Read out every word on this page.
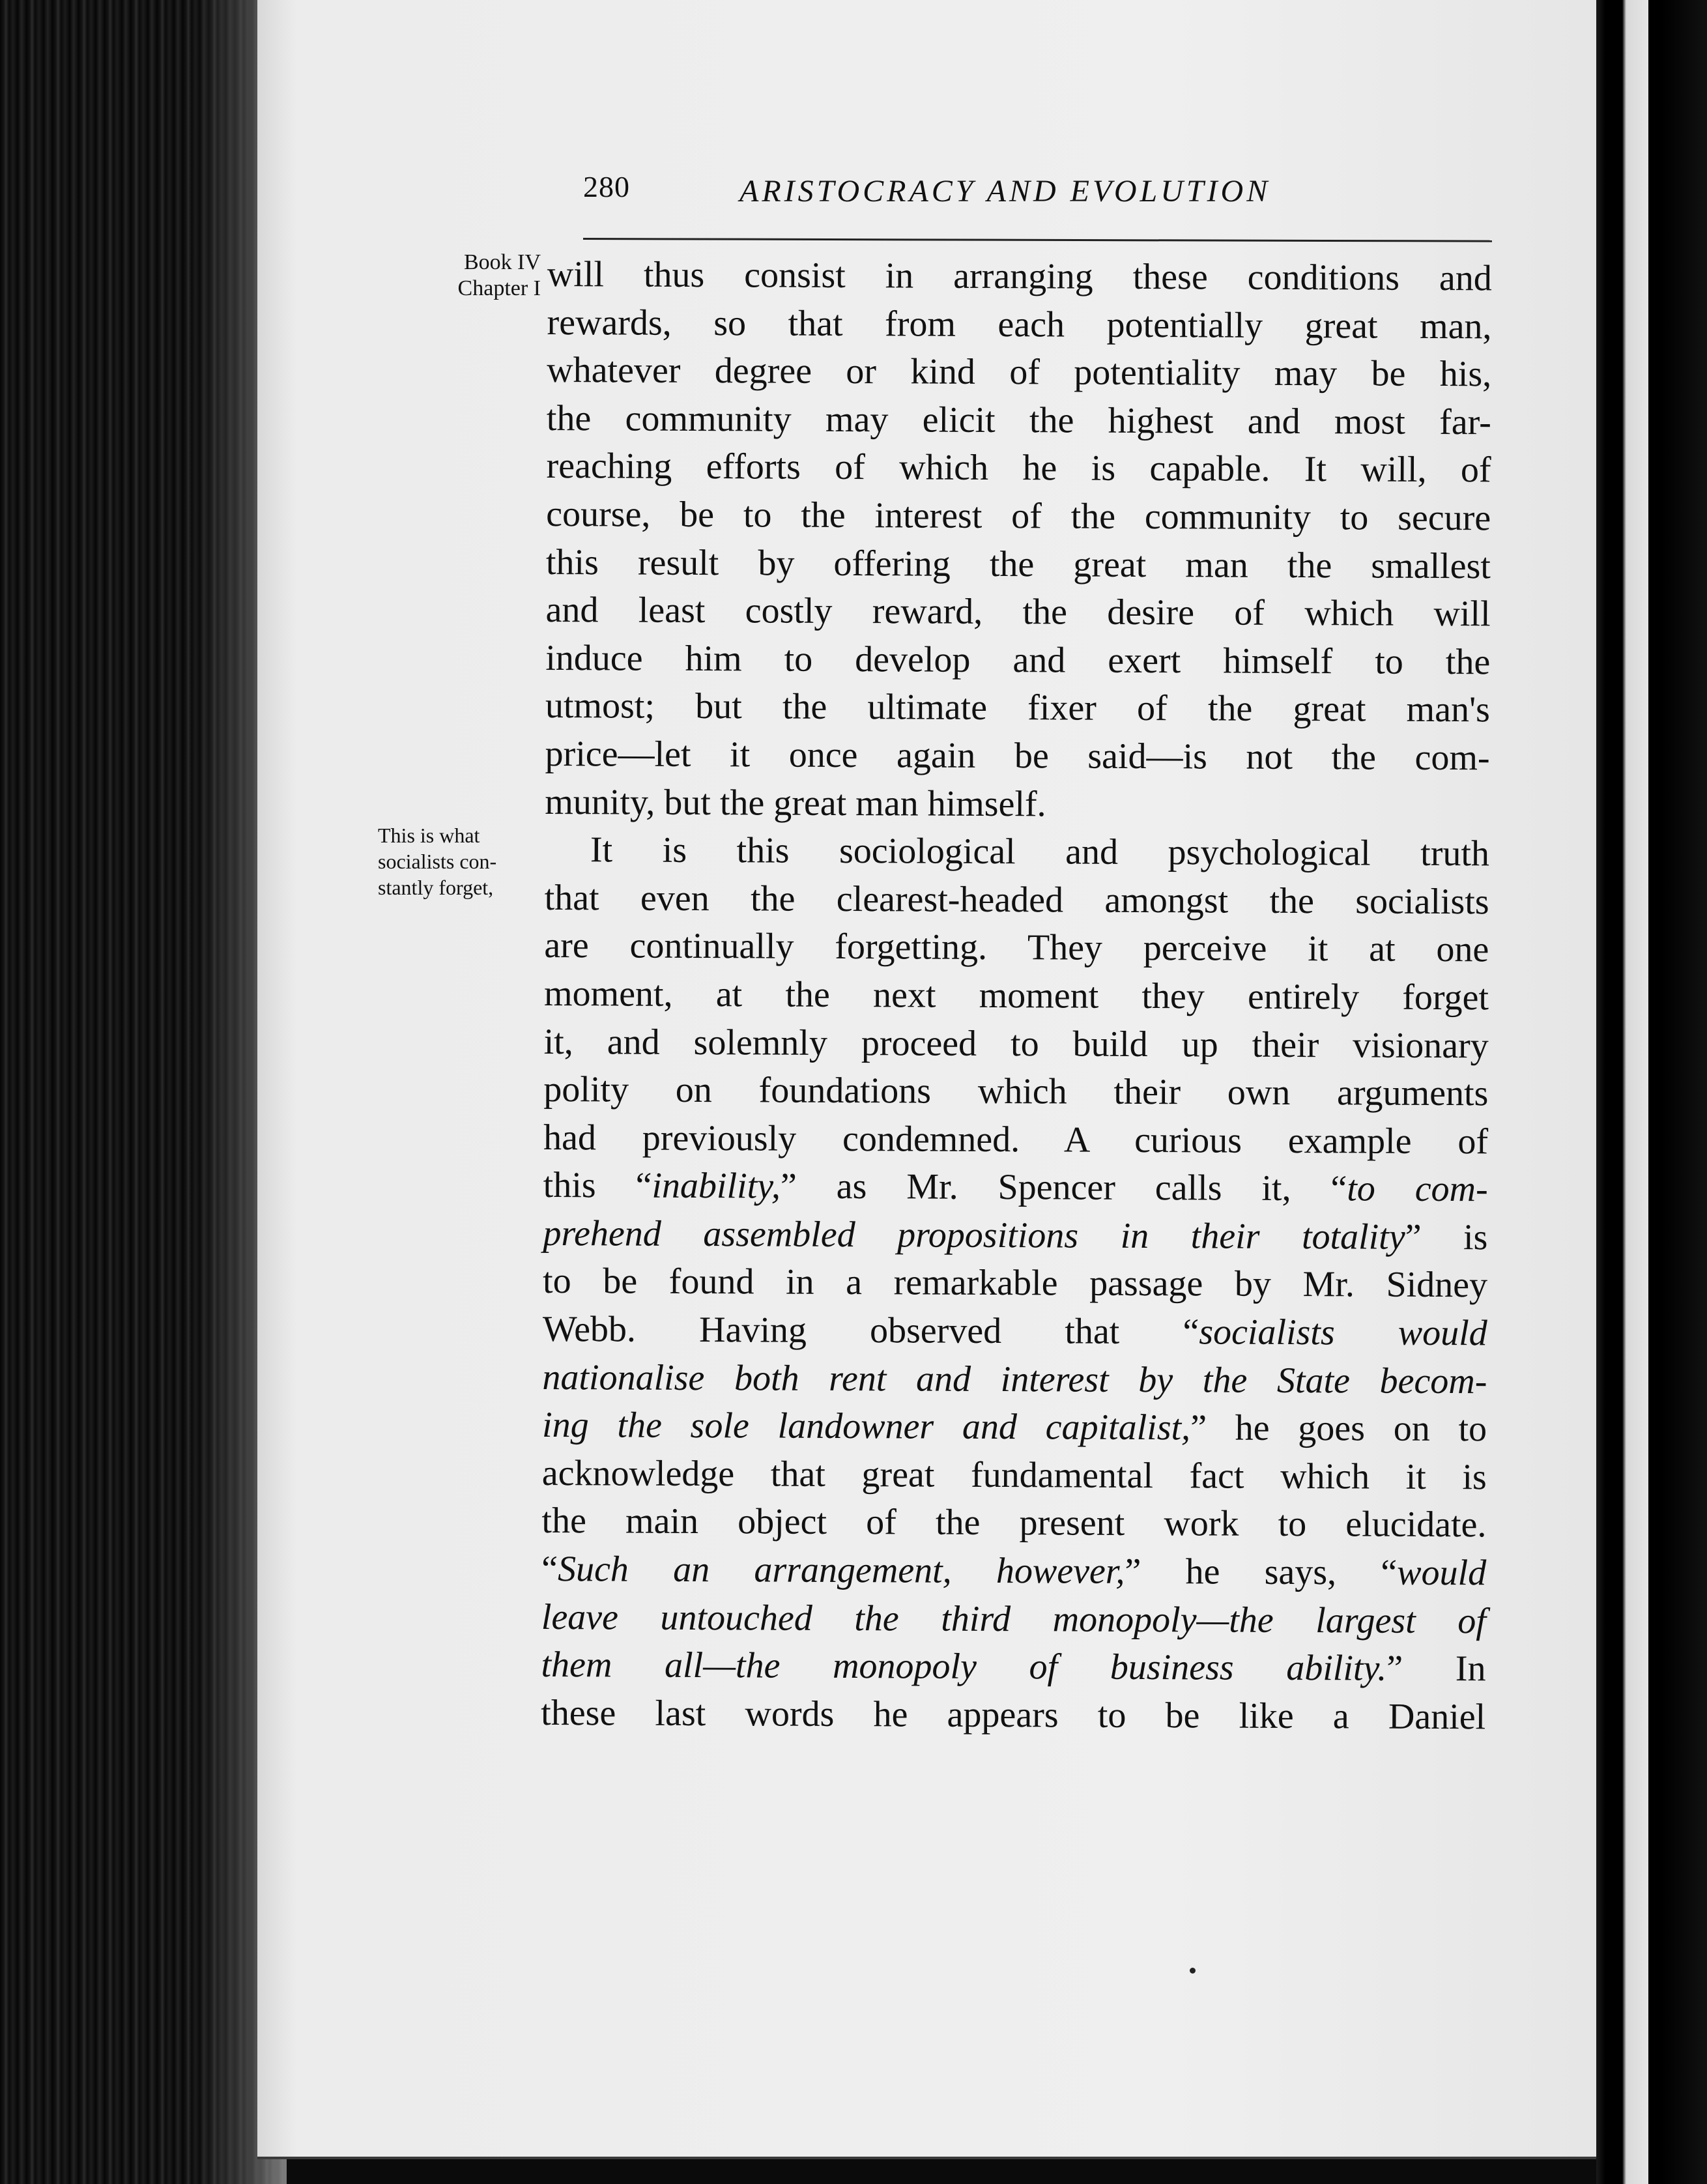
280	ARISTOCRACY AND EVOLUTION
Book IV
Chapter I
This is what
socialists con-
stantly forget,
will thus consist in arranging these conditions and
rewards, so that from each potentially great man,
whatever degree or kind of potentiality may be his,
the community may elicit the highest and most far-
reaching efforts of which he is capable. It will, of
course, be to the interest of the community to secure
this result by offering the great man the smallest
and least costly reward, the desire of which will
induce him to develop and exert himself to the
utmost; but the ultimate fixer of the great man's
price—let it once again be said—is not the com-
munity, but the great man himself.
It is this sociological and psychological truth
that even the clearest-headed amongst the socialists
are continually forgetting. They perceive it at one
moment, at the next moment they entirely forget
it, and solemnly proceed to build up their visionary
polity on foundations which their own arguments
had previously condemned. A curious example of
this “inability,” as Mr. Spencer calls it, “to com-
prehend assembled propositions in their totality” is
to be found in a remarkable passage by Mr. Sidney
Webb. Having observed that “socialists would
nationalise both rent and interest by the State becom-
ing the sole landowner and capitalist,” he goes on to
acknowledge that great fundamental fact which it is
the main object of the present work to elucidate.
“Such an arrangement, however,” he says, “would
leave untouched the third monopoly—the largest of
them all—the monopoly of business ability.” In
these last words he appears to be like a Daniel
